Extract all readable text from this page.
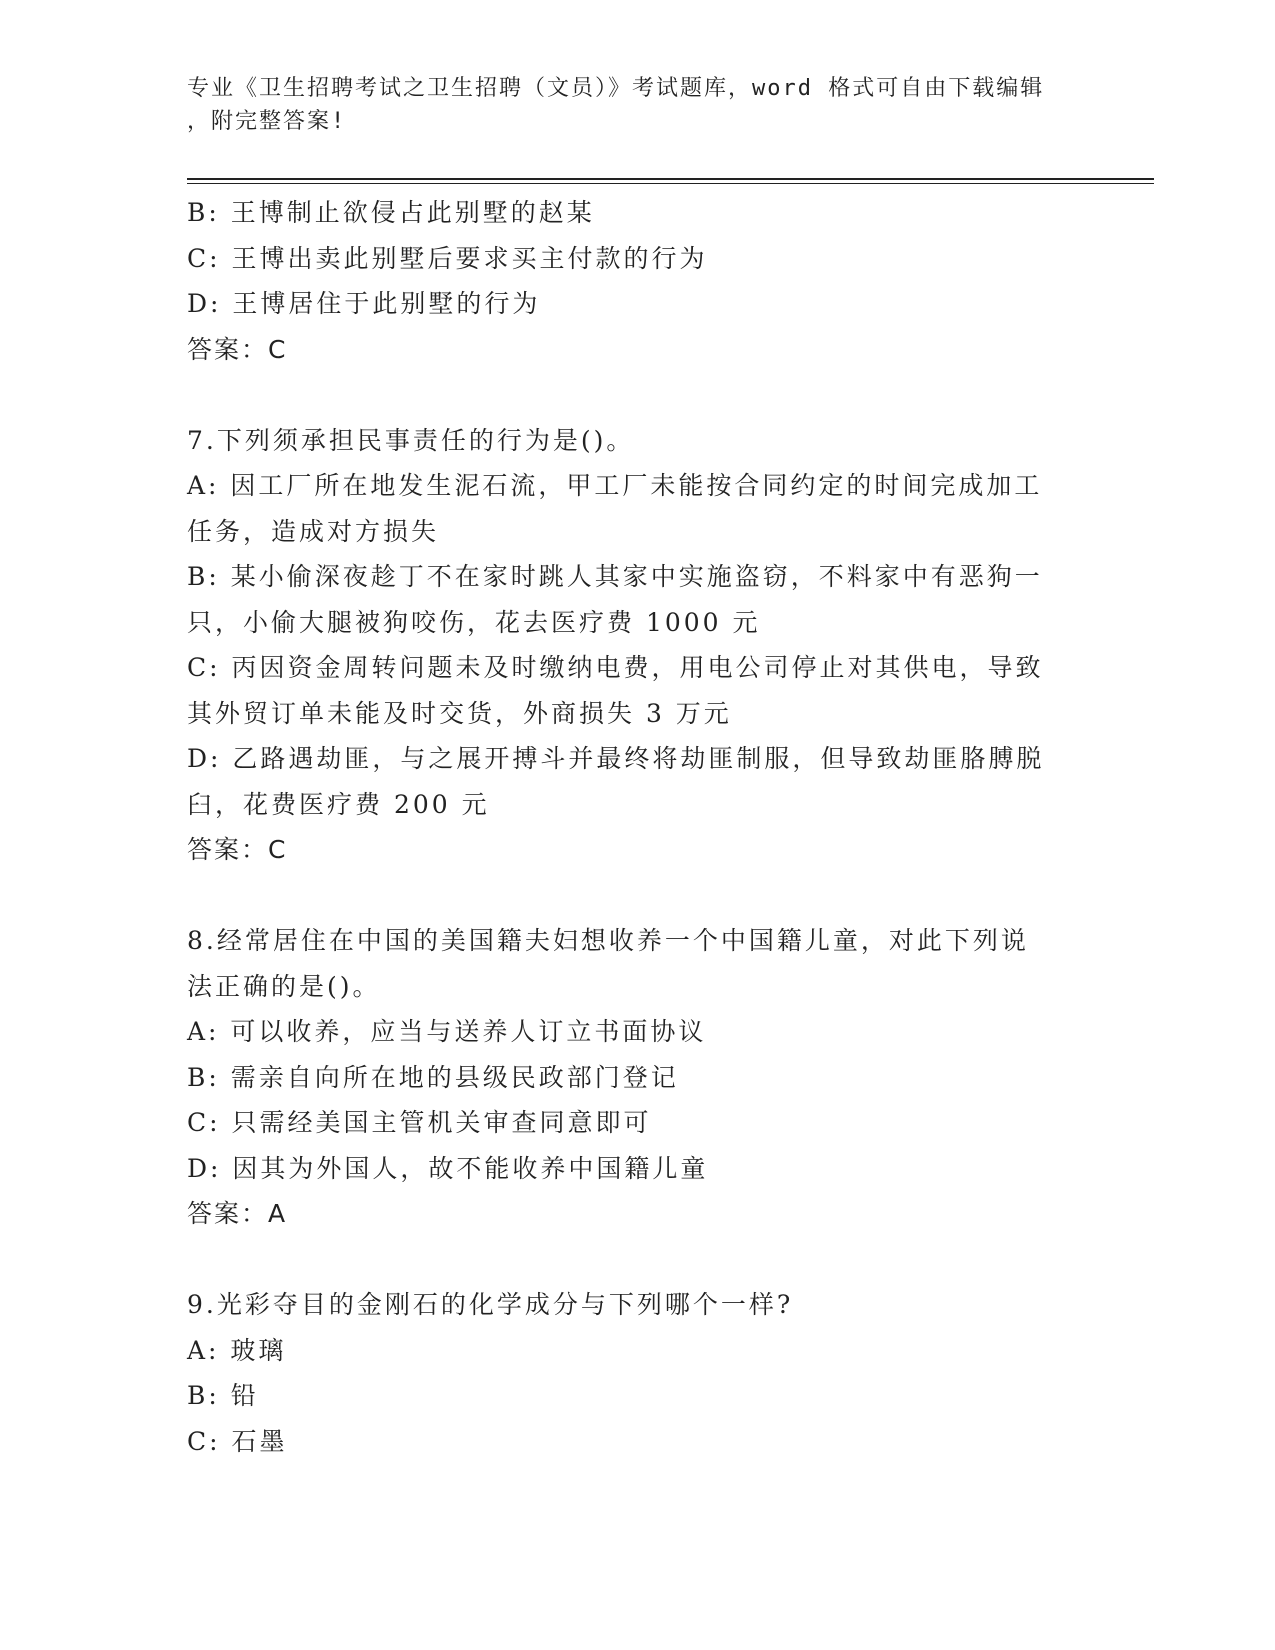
专业《卫生招聘考试之卫生招聘（文员）》考试题库，word 格式可自由下载编辑
，附完整答案!
B: 王博制止欲侵占此别墅的赵某
C: 王博出卖此别墅后要求买主付款的行为
D: 王博居住于此别墅的行为
答案：C
7.下列须承担民事责任的行为是()。
A: 因工厂所在地发生泥石流，甲工厂未能按合同约定的时间完成加工
任务，造成对方损失
B: 某小偷深夜趁丁不在家时跳人其家中实施盗窃，不料家中有恶狗一
只，小偷大腿被狗咬伤，花去医疗费 1000 元
C: 丙因资金周转问题未及时缴纳电费，用电公司停止对其供电，导致
其外贸订单未能及时交货，外商损失 3 万元
D: 乙路遇劫匪，与之展开搏斗并最终将劫匪制服，但导致劫匪胳膊脱
臼，花费医疗费 200 元
答案：C
8.经常居住在中国的美国籍夫妇想收养一个中国籍儿童，对此下列说
法正确的是()。
A: 可以收养，应当与送养人订立书面协议
B: 需亲自向所在地的县级民政部门登记
C: 只需经美国主管机关审查同意即可
D: 因其为外国人，故不能收养中国籍儿童
答案：A
9.光彩夺目的金刚石的化学成分与下列哪个一样?
A: 玻璃
B: 铅
C: 石墨
